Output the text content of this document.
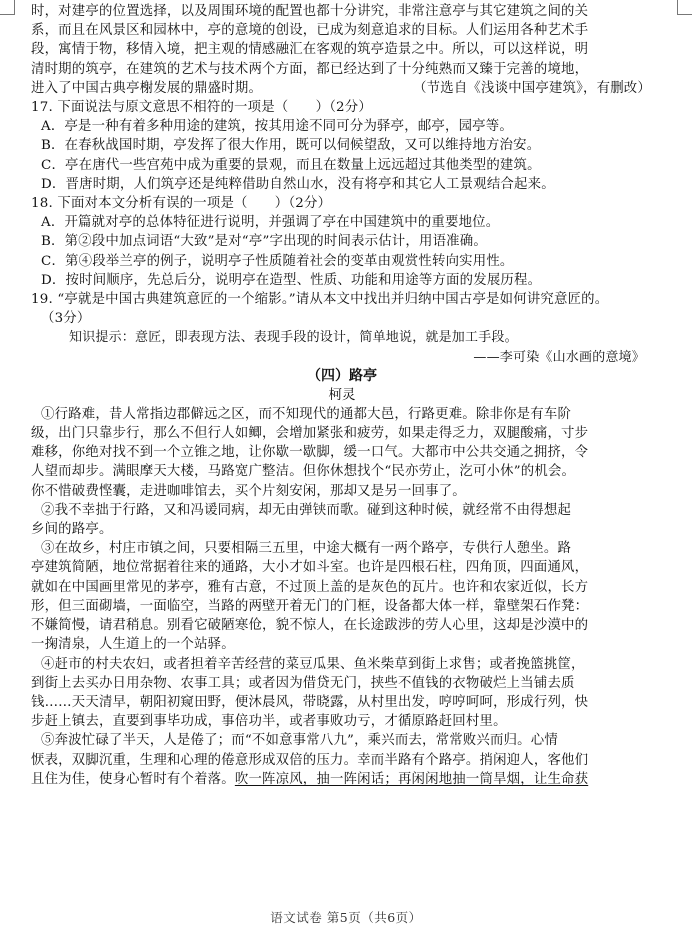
时，对建亭的位置选择，以及周围环境的配置也都十分讲究，非常注意亭与其它建筑之间的关
系，而且在风景区和园林中，亭的意境的创设，已成为刻意追求的目标。人们运用各种艺术手
段，寓情于物，移情入境，把主观的情感融汇在客观的筑亭造景之中。所以，可以这样说，明
清时期的筑亭，在建筑的艺术与技术两个方面，都已经达到了十分纯熟而又臻于完善的境地，
进入了中国古典亭榭发展的鼎盛时期。	（节选自《浅谈中国亭建筑》，有删改）
17. 下面说法与原文意思不相符的一项是（　　）（2分）
A．亭是一种有着多种用途的建筑，按其用途不同可分为驿亭，邮亭，园亭等。
B．在春秋战国时期，亭发挥了很大作用，既可以伺候望敌，又可以维持地方治安。
C．亭在唐代一些宫苑中成为重要的景观，而且在数量上远远超过其他类型的建筑。
D．晋唐时期，人们筑亭还是纯粹借助自然山水，没有将亭和其它人工景观结合起来。
18. 下面对本文分析有误的一项是（　　）（2分）
A．开篇就对亭的总体特征进行说明，并强调了亭在中国建筑中的重要地位。
B．第②段中加点词语“大致”是对“亭”字出现的时间表示估计，用语准确。
C．第④段举兰亭的例子，说明亭子性质随着社会的变革由观赏性转向实用性。
D．按时间顺序，先总后分，说明亭在造型、性质、功能和用途等方面的发展历程。
19. “亭就是中国古典建筑意匠的一个缩影。”请从本文中找出并归纳中国古亭是如何讲究意匠的。
（3分）
知识提示：意匠，即表现方法、表现手段的设计，简单地说，就是加工手段。
——李可染《山水画的意境》
（四）路亭
柯灵
①行路难，昔人常指边郡僻远之区，而不知现代的通都大邑，行路更难。除非你是有车阶
级，出门只靠步行，那么不但行人如鲫，会增加紧张和疲劳，如果走得乏力，双腿酸痛，寸步
难移，你绝对找不到一个立锥之地，让你歇一歇脚，缓一口气。大都市中公共交通之拥挤，令
人望而却步。满眼摩天大楼，马路宽广整洁。但你休想找个“民亦劳止，汔可小休”的机会。
你不惜破费悭囊，走进咖啡馆去，买个片刻安闲，那却又是另一回事了。
②我不幸拙于行路，又和冯谖同病，却无由弹铗而歌。碰到这种时候，就经常不由得想起
乡间的路亭。
③在故乡，村庄市镇之间，只要相隔三五里，中途大概有一两个路亭，专供行人憩坐。路
亭建筑简陋，地位常据着往来的通路，大小才如斗室。也许是四根石柱，四角顶，四面通风，
就如在中国画里常见的茅亭，雅有古意，不过顶上盖的是灰色的瓦片。也许和农家近似，长方
形，但三面砌墙，一面临空，当路的两壁开着无门的门框，设备都大体一样，靠壁架石作凳：
不嫌简慢，请君稍息。别看它破陋寒伧，貌不惊人，在长途跋涉的劳人心里，这却是沙漠中的
一掬清泉，人生道上的一个站驿。
④赶市的村夫农妇，或者担着辛苦经营的菜豆瓜果、鱼米柴草到街上求售；或者挽篮挑筐，
到街上去买办日用杂物、农事工具；或者因为借贷无门，挟些不值钱的衣物破烂上当铺去质
钱……天天清早，朝阳初窥田野，便沐晨风，带晓露，从村里出发，哼哼呵呵，形成行列，快
步赶上镇去，直要到事毕功成，事倍功半，或者事败功亏，才循原路赶回村里。
⑤奔波忙碌了半天，人是倦了；而“不如意事常八九”，乘兴而去，常常败兴而归。心情
恹表，双脚沉重，生理和心理的倦意形成双倍的压力。幸而半路有个路亭。捎闲迎人，客他们
且住为佳，使身心暂时有个着落。吹一阵凉风，抽一阵闲话；再闲闲地抽一筒旱烟，让生命获
语文试卷 第5页（共6页）
